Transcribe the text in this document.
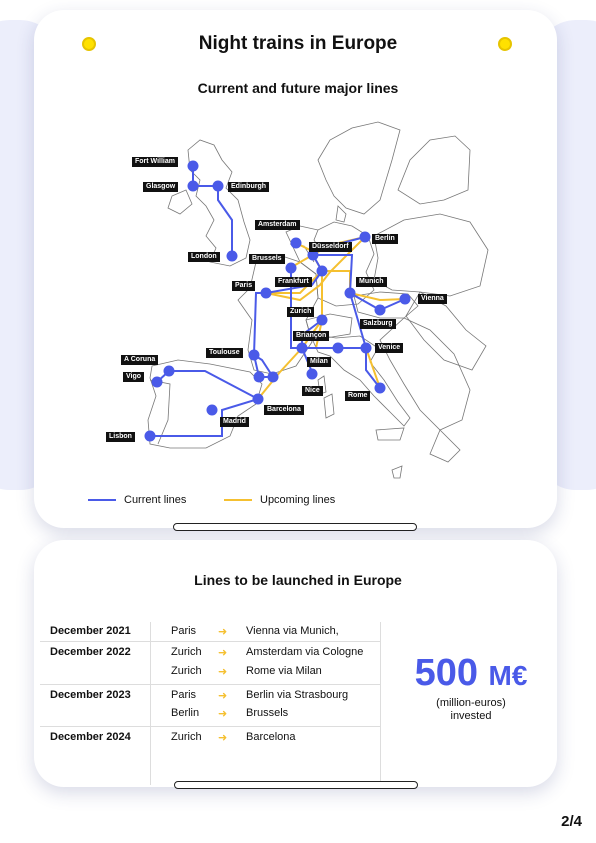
Night trains in Europe
Current and future major lines
Fort William
Glasgow	Edinburgh
London
Amsterdam
Düsseldorf
Berlin
Brussels
Frankfurt
Paris
Munich
Vienna
Zurich
Salzburg
Briançon
Venice
Toulouse
Milan
Nice
Rome
A Coruna
Vigo
Barcelona
Madrid
Lisbon
Current lines	Upcoming lines
Lines to be launched in Europe
December 2021	Paris ➜ Vienna via Munich,
December 2022	Zurich ➜ Amsterdam via Cologne
Zurich ➜ Rome via Milan
December 2023	Paris ➜ Berlin via Strasbourg
Berlin ➜ Brussels
December 2024	Zurich ➜ Barcelona
500 M€
(million-euros)
invested
2/4
